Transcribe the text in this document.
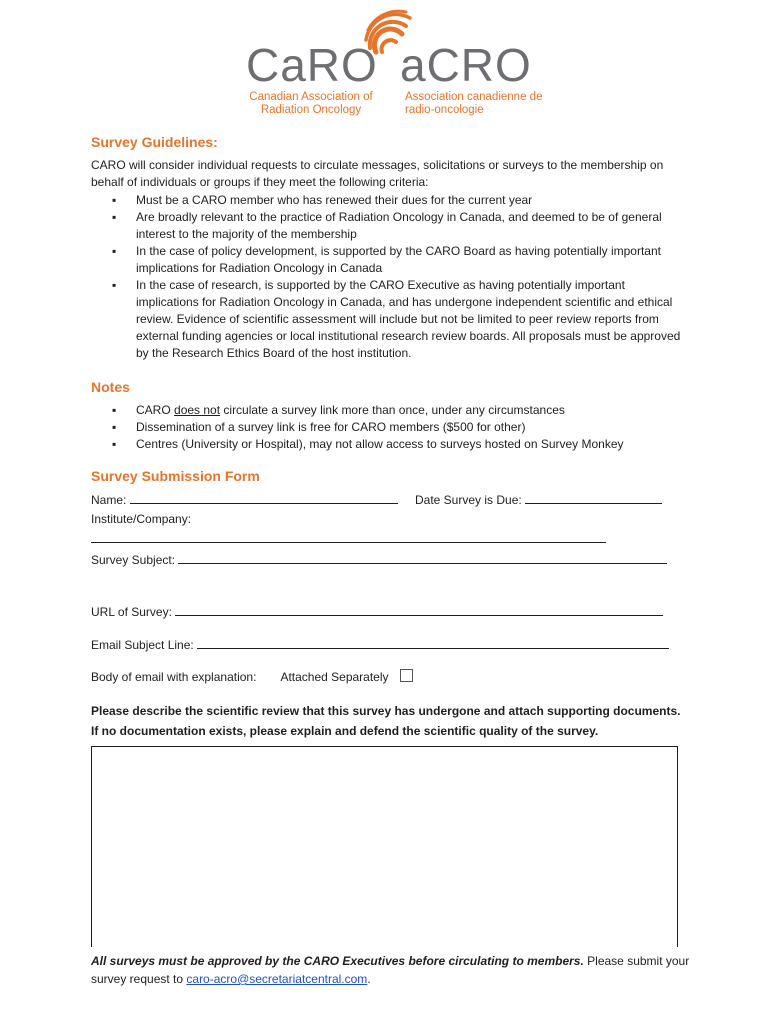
CaRO aCRO
Canadian Association of Radiation Oncology
Association canadienne de radio-oncologie
Survey Guidelines:
CARO will consider individual requests to circulate messages, solicitations or surveys to the membership on behalf of individuals or groups if they meet the following criteria:
▪ Must be a CARO member who has renewed their dues for the current year
▪ Are broadly relevant to the practice of Radiation Oncology in Canada, and deemed to be of general interest to the majority of the membership
▪ In the case of policy development, is supported by the CARO Board as having potentially important implications for Radiation Oncology in Canada
▪ In the case of research, is supported by the CARO Executive as having potentially important implications for Radiation Oncology in Canada, and has undergone independent scientific and ethical review. Evidence of scientific assessment will include but not be limited to peer review reports from external funding agencies or local institutional research review boards. All proposals must be approved by the Research Ethics Board of the host institution.
Notes
▪ CARO does not circulate a survey link more than once, under any circumstances
▪ Dissemination of a survey link is free for CARO members ($500 for other)
▪ Centres (University or Hospital), may not allow access to surveys hosted on Survey Monkey
Survey Submission Form
Name:	Date Survey is Due:
Institute/Company:
Survey Subject:
URL of Survey:
Email Subject Line:
Body of email with explanation: Attached Separately
Please describe the scientific review that this survey has undergone and attach supporting documents. If no documentation exists, please explain and defend the scientific quality of the survey.
All surveys must be approved by the CARO Executives before circulating to members. Please submit your survey request to caro-acro@secretariatcentral.com.
